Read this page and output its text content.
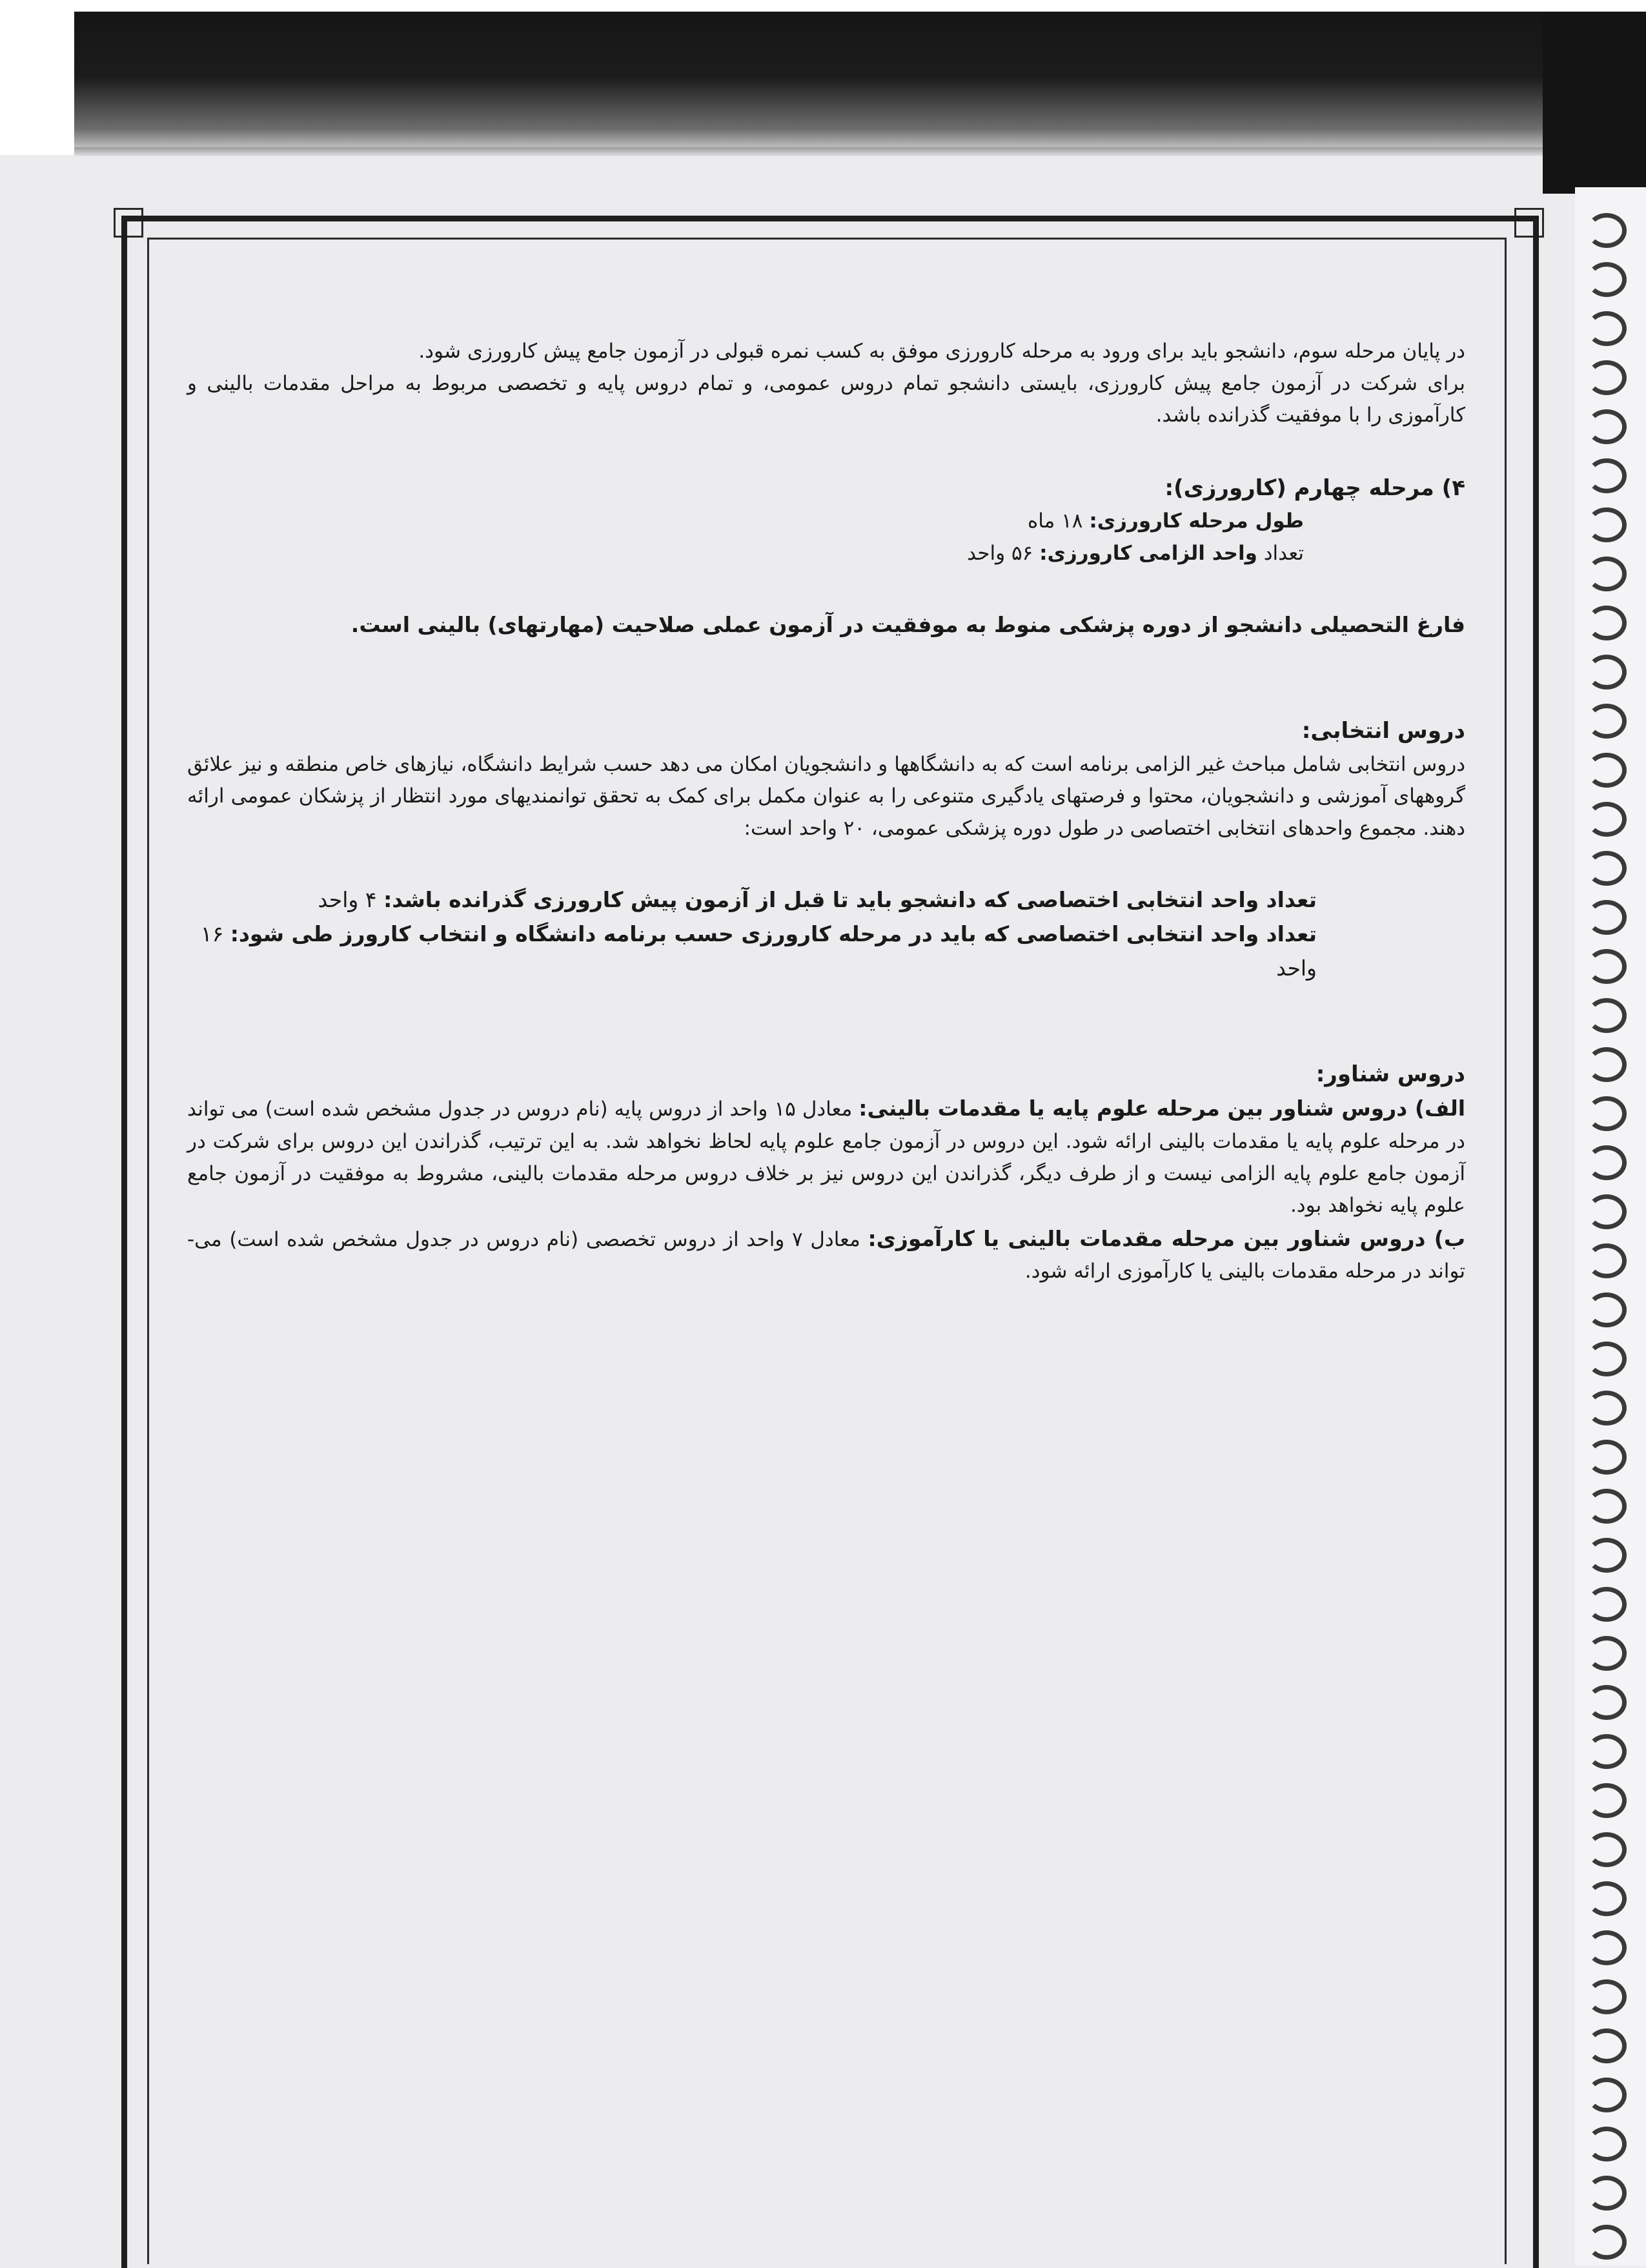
در پایان مرحله سوم، دانشجو باید برای ورود به مرحله کارورزی موفق به کسب نمره قبولی در آزمون جامع پیش کارورزی شود.

برای شرکت در آزمون جامع پیش کارورزی، بایستی دانشجو تمام دروس عمومی، و تمام دروس پایه و تخصصی مربوط به مراحل مقدمات بالینی و کارآموزی را با موفقیت گذرانده باشد.

۴) مرحله چهارم (کارورزی):

طول مرحله کارورزی: ۱۸ ماه

تعداد واحد الزامی کارورزی: ۵۶ واحد

فارغ التحصیلی دانشجو از دوره پزشکی منوط به موفقیت در آزمون عملی صلاحیت (مهارتهای) بالینی است.

دروس انتخابی:

دروس انتخابی شامل مباحث غیر الزامی برنامه است که به دانشگاهها و دانشجویان امکان می دهد حسب شرایط دانشگاه، نیازهای خاص منطقه و نیز علائق گروههای آموزشی و دانشجویان، محتوا و فرصتهای یادگیری متنوعی را به عنوان مکمل برای کمک به تحقق توانمندیهای مورد انتظار از پزشکان عمومی ارائه دهند. مجموع واحدهای انتخابی اختصاصی در طول دوره پزشکی عمومی، ۲۰ واحد است:

تعداد واحد انتخابی اختصاصی که دانشجو باید تا قبل از آزمون پیش کارورزی گذرانده باشد: ۴ واحد

تعداد واحد انتخابی اختصاصی که باید در مرحله کارورزی حسب برنامه دانشگاه و انتخاب کارورز طی شود: ۱۶ واحد

دروس شناور:

الف) دروس شناور بین مرحله علوم پایه یا مقدمات بالینی: معادل ۱۵ واحد از دروس پایه (نام دروس در جدول مشخص شده است) می تواند در مرحله علوم پایه یا مقدمات بالینی ارائه شود. این دروس در آزمون جامع علوم پایه لحاظ نخواهد شد. به این ترتیب، گذراندن این دروس برای شرکت در آزمون جامع علوم پایه الزامی نیست و از طرف دیگر، گذراندن این دروس نیز بر خلاف دروس مرحله مقدمات بالینی، مشروط به موفقیت در آزمون جامع علوم پایه نخواهد بود.

ب) دروس شناور بین مرحله مقدمات بالینی یا کارآموزی: معادل ۷ واحد از دروس تخصصی (نام دروس در جدول مشخص شده است) می-تواند در مرحله مقدمات بالینی یا کارآموزی ارائه شود.
